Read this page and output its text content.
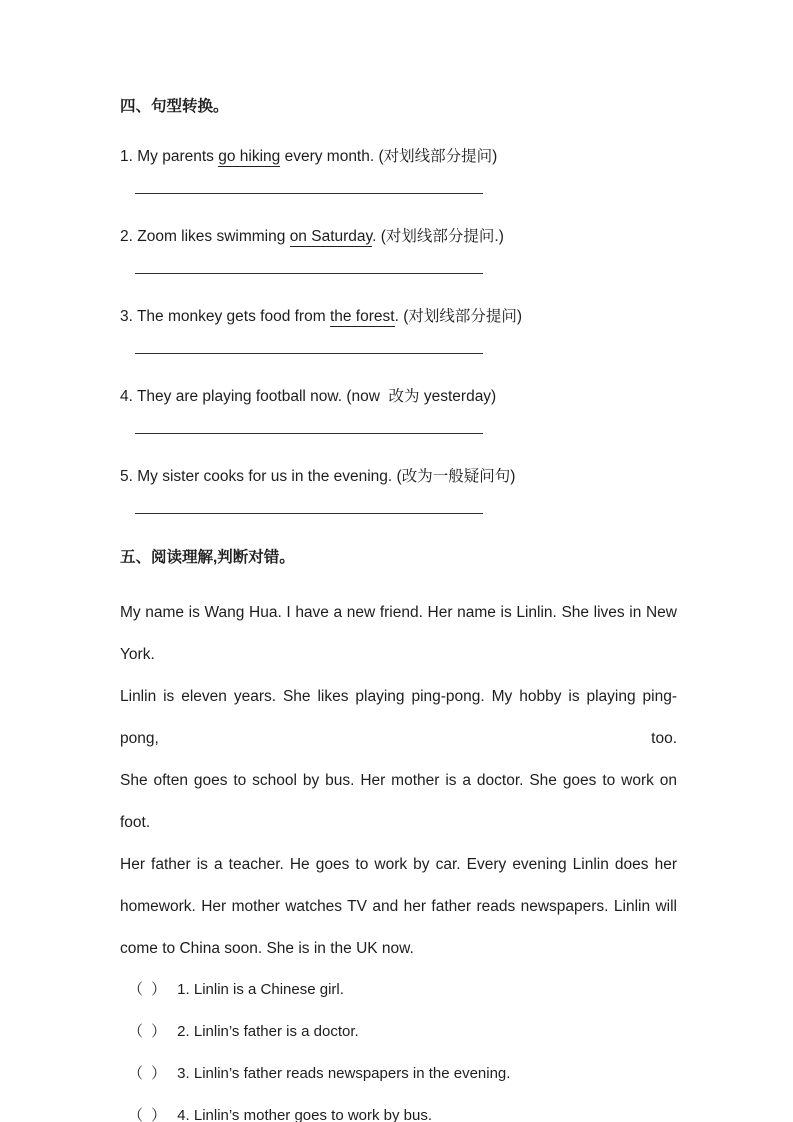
四、句型转换。

1. My parents go hiking every month. (对划线部分提问)

2. Zoom likes swimming on Saturday. (对划线部分提问.)

3. The monkey gets food from the forest. (对划线部分提问)

4. They are playing football now. (now  改为 yesterday)

5. My sister cooks for us in the evening. (改为一般疑问句)

五、阅读理解,判断对错。
My name is Wang Hua. I have a new friend. Her name is Linlin. She lives in New York.
Linlin is eleven years. She likes playing ping-pong. My hobby is playing ping-pong, too.
She often goes to school by bus. Her mother is a doctor. She goes to work on foot.
Her father is a teacher. He goes to work by car. Every evening Linlin does her
homework. Her mother watches TV and her father reads newspapers. Linlin will
come to China soon. She is in the UK now.
（ ） 1. Linlin is a Chinese girl.
（ ） 2. Linlin’s father is a doctor.
（ ） 3. Linlin’s father reads newspapers in the evening.
（ ） 4. Linlin’s mother goes to work by bus.
